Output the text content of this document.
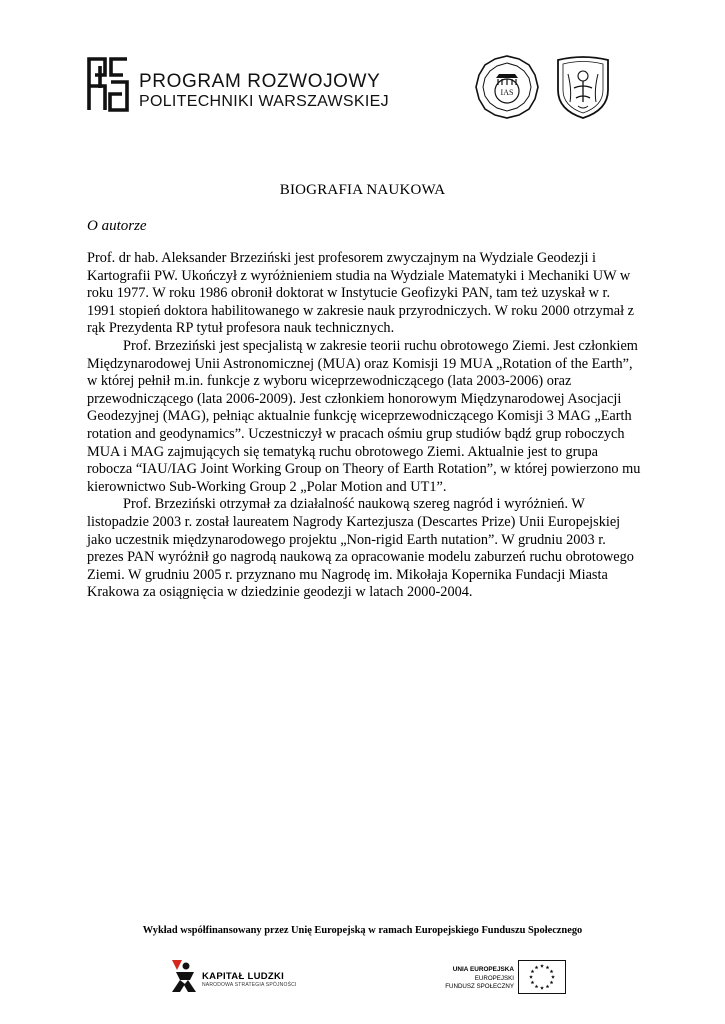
PROGRAM ROZWOJOWY
POLITECHNIKI WARSZAWSKIEJ
IAS
BIOGRAFIA NAUKOWA
O autorze
Prof. dr hab. Aleksander Brzeziński jest profesorem zwyczajnym na Wydziale Geodezji i
Kartografii PW. Ukończył z wyróżnieniem studia na Wydziale Matematyki i Mechaniki UW w
roku 1977. W roku 1986 obronił doktorat w Instytucie Geofizyki PAN, tam też uzyskał w r.
1991 stopień doktora habilitowanego w zakresie nauk przyrodniczych. W roku 2000 otrzymał z
rąk Prezydenta RP tytuł profesora nauk technicznych.
Prof. Brzeziński jest specjalistą w zakresie teorii ruchu obrotowego Ziemi. Jest członkiem
Międzynarodowej Unii Astronomicznej (MUA) oraz Komisji 19 MUA „Rotation of the Earth”,
w której pełnił m.in. funkcje z wyboru wiceprzewodniczącego (lata 2003-2006) oraz
przewodniczącego (lata 2006-2009). Jest członkiem honorowym Międzynarodowej Asocjacji
Geodezyjnej (MAG), pełniąc aktualnie funkcję wiceprzewodniczącego Komisji 3 MAG „Earth
rotation and geodynamics”. Uczestniczył w pracach ośmiu grup studiów bądź grup roboczych
MUA i MAG zajmujących się tematyką ruchu obrotowego Ziemi. Aktualnie jest to grupa
robocza “IAU/IAG Joint Working Group on Theory of Earth Rotation”, w której powierzono mu
kierownictwo Sub-Working Group 2 „Polar Motion and UT1”.
Prof. Brzeziński otrzymał za działalność naukową szereg nagród i wyróżnień. W
listopadzie 2003 r. został laureatem Nagrody Kartezjusza (Descartes Prize) Unii Europejskiej
jako uczestnik międzynarodowego projektu „Non-rigid Earth nutation”. W grudniu 2003 r.
prezes PAN wyróżnił go nagrodą naukową za opracowanie modelu zaburzeń ruchu obrotowego
Ziemi. W grudniu 2005 r. przyznano mu Nagrodę im. Mikołaja Kopernika Fundacji Miasta
Krakowa za osiągnięcia w dziedzinie geodezji w latach 2000-2004.
Wykład współfinansowany przez Unię Europejską w ramach Europejskiego Funduszu Społecznego
KAPITAŁ LUDZKI
NARODOWA STRATEGIA SPÓJNOŚCI
UNIA EUROPEJSKA
EUROPEJSKI
FUNDUSZ SPOŁECZNY
